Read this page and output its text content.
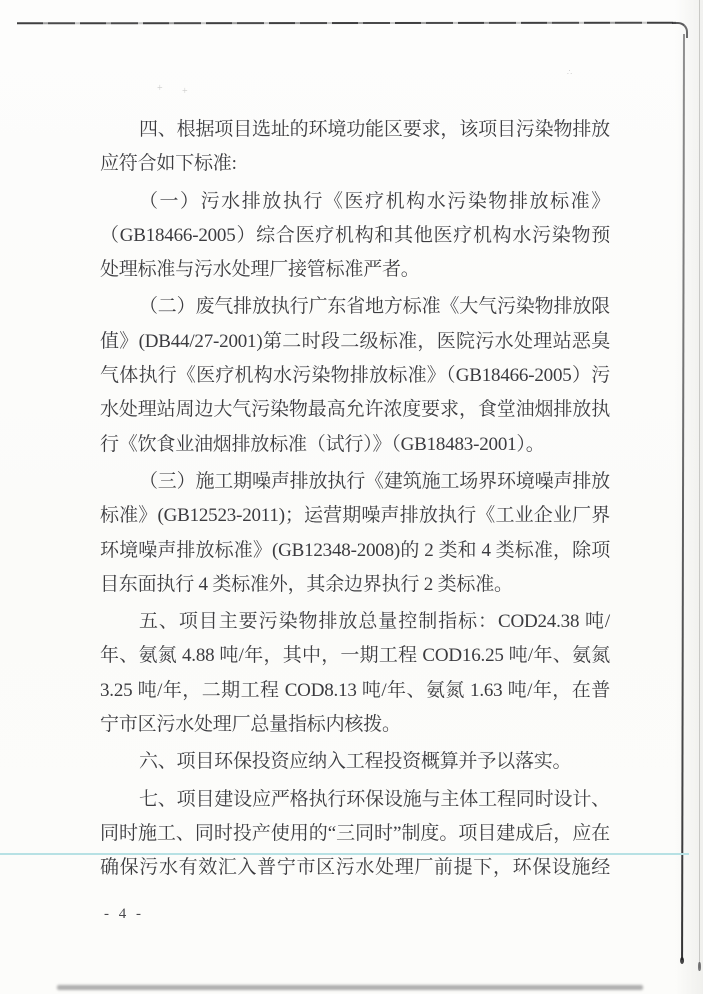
+ +
∴

四、根据项目选址的环境功能区要求，该项目污染物排放应符合如下标准:

（一）污水排放执行《医疗机构水污染物排放标准》（GB18466-2005）综合医疗机构和其他医疗机构水污染物预处理标准与污水处理厂接管标准严者。

（二）废气排放执行广东省地方标准《大气污染物排放限值》(DB44/27-2001)第二时段二级标准，医院污水处理站恶臭气体执行《医疗机构水污染物排放标准》（GB18466-2005）污水处理站周边大气污染物最高允许浓度要求，食堂油烟排放执行《饮食业油烟排放标准（试行）》（GB18483-2001）。

（三）施工期噪声排放执行《建筑施工场界环境噪声排放标准》(GB12523-2011)；运营期噪声排放执行《工业企业厂界环境噪声排放标准》(GB12348-2008)的 2 类和 4 类标准，除项目东面执行 4 类标准外，其余边界执行 2 类标准。

五、项目主要污染物排放总量控制指标：COD24.38 吨/年、氨氮 4.88 吨/年，其中，一期工程 COD16.25 吨/年、氨氮 3.25 吨/年，二期工程 COD8.13 吨/年、氨氮 1.63 吨/年，在普宁市区污水处理厂总量指标内核拨。

六、项目环保投资应纳入工程投资概算并予以落实。

七、项目建设应严格执行环保设施与主体工程同时设计、同时施工、同时投产使用的“三同时”制度。项目建成后，应在确保污水有效汇入普宁市区污水处理厂前提下，环保设施经

- 4 -
